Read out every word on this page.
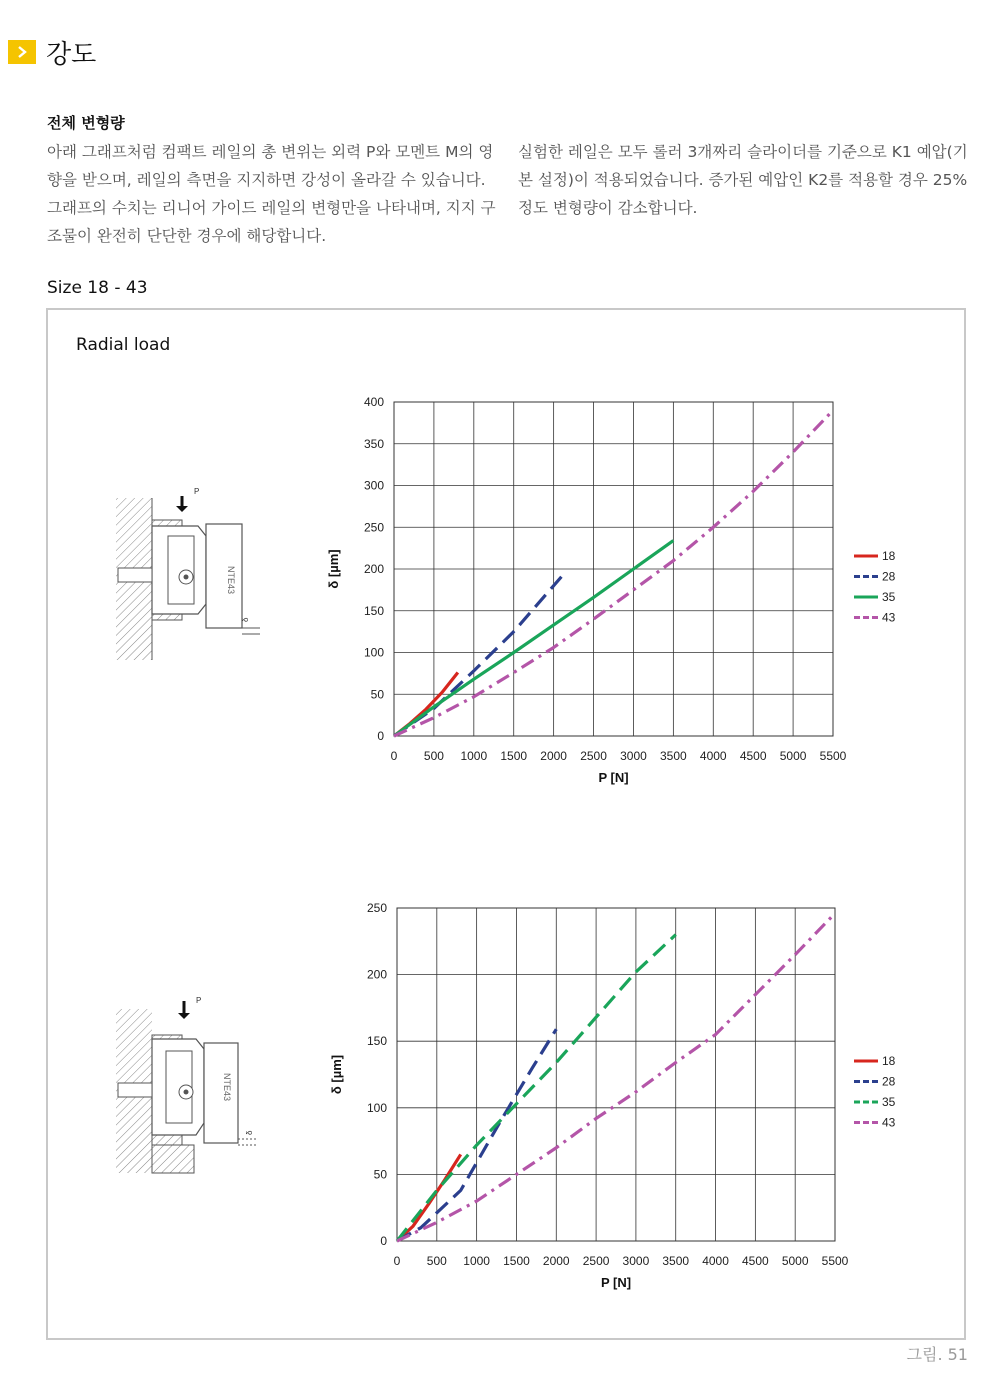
강도
전체 변형량
아래 그래프처럼 컴팩트 레일의 총 변위는 외력 P와 모멘트 M의 영향을 받으며, 레일의 측면을 지지하면 강성이 올라갈 수 있습니다. 그래프의 수치는 리니어 가이드 레일의 변형만을 나타내며, 지지 구조물이 완전히 단단한 경우에 해당합니다.
실험한 레일은 모두 롤러 3개짜리 슬라이더를 기준으로 K1 예압(기본 설정)이 적용되었습니다. 증가된 예압인 K2를 적용할 경우 25%정도 변형량이 감소합니다.
Size 18 - 43
Radial load
P
NTE43
δ
P
NTE43
δ
0 500 1000 1500 2000 2500 3000 3500 4000 4500 5000 5500
0
50
100
150
200
250
300
350
400
P [N]
δ [µm]	18
28
35
43
0 500 1000 1500 2000 2500 3000 3500 4000 4500 5000 5500
0
50
100
150
200
250
P [N]
δ [µm]	18
28
35
43
그림. 51
